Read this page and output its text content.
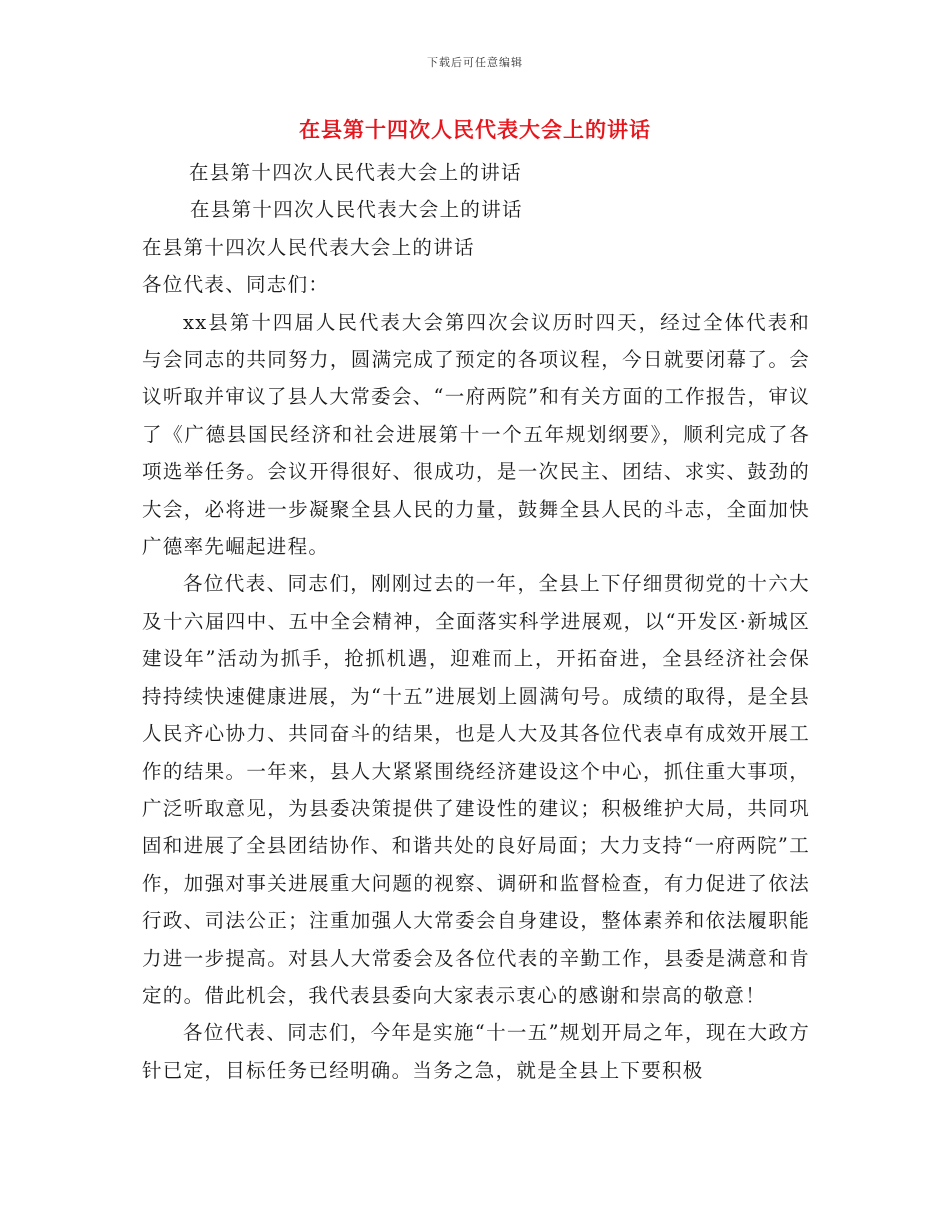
下载后可任意编辑
在县第十四次人民代表大会上的讲话

在县第十四次人民代表大会上的讲话

在县第十四次人民代表大会上的讲话

在县第十四次人民代表大会上的讲话

各位代表、同志们：

xx县第十四届人民代表大会第四次会议历时四天，经过全体代表和与会同志的共同努力，圆满完成了预定的各项议程，今日就要闭幕了。会议听取并审议了县人大常委会、“一府两院”和有关方面的工作报告，审议了《广德县国民经济和社会进展第十一个五年规划纲要》，顺利完成了各项选举任务。会议开得很好、很成功，是一次民主、团结、求实、鼓劲的大会，必将进一步凝聚全县人民的力量，鼓舞全县人民的斗志，全面加快广德率先崛起进程。

各位代表、同志们，刚刚过去的一年，全县上下仔细贯彻党的十六大及十六届四中、五中全会精神，全面落实科学进展观，以“开发区·新城区建设年”活动为抓手，抢抓机遇，迎难而上，开拓奋进，全县经济社会保持持续快速健康进展，为“十五”进展划上圆满句号。成绩的取得，是全县人民齐心协力、共同奋斗的结果，也是人大及其各位代表卓有成效开展工作的结果。一年来，县人大紧紧围绕经济建设这个中心，抓住重大事项，广泛听取意见，为县委决策提供了建设性的建议；积极维护大局，共同巩固和进展了全县团结协作、和谐共处的良好局面；大力支持“一府两院”工作，加强对事关进展重大问题的视察、调研和监督检查，有力促进了依法行政、司法公正；注重加强人大常委会自身建设，整体素养和依法履职能力进一步提高。对县人大常委会及各位代表的辛勤工作，县委是满意和肯定的。借此机会，我代表县委向大家表示衷心的感谢和崇高的敬意！

各位代表、同志们，今年是实施“十一五”规划开局之年，现在大政方针已定，目标任务已经明确。当务之急，就是全县上下要积极
